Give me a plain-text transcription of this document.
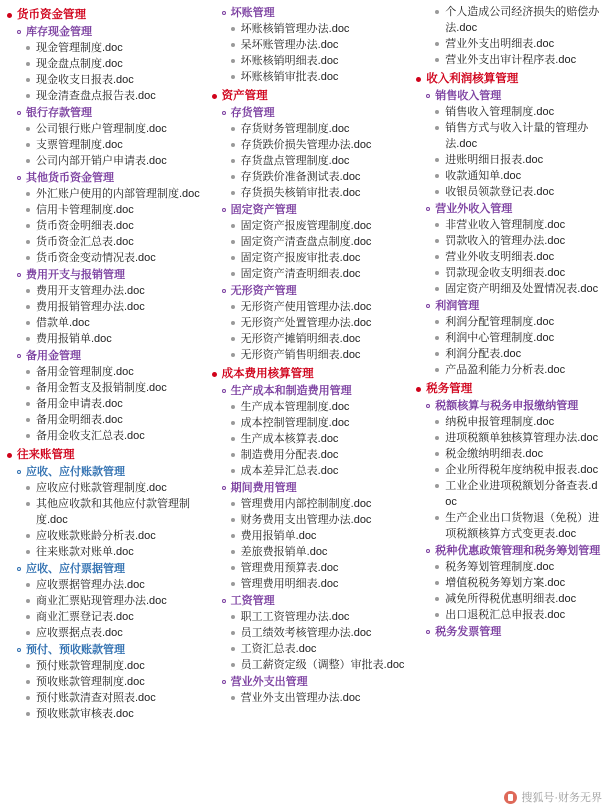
货币资金管理
库存现金管理
现金管理制度.doc
现金盘点制度.doc
现金收支日报表.doc
现金清查盘点报告表.doc
银行存款管理
公司银行账户管理制度.doc
支票管理制度.doc
公司内部开销户申请表.doc
其他货币资金管理
外汇账户使用的内部管理制度.doc
信用卡管理制度.doc
货币资金明细表.doc
货币资金汇总表.doc
货币资金变动情况表.doc
费用开支与报销管理
费用开支管理办法.doc
费用报销管理办法.doc
借款单.doc
费用报销单.doc
备用金管理
备用金管理制度.doc
备用金暂支及报销制度.doc
备用金申请表.doc
备用金明细表.doc
备用金收支汇总表.doc
往来账管理
应收、应付账款管理
应收应付账款管理制度.doc
其他应收款和其他应付款管理制度.doc
应收账款账龄分析表.doc
往来账款对账单.doc
应收、应付票据管理
应收票据管理办法.doc
商业汇票贴现管理办法.doc
商业汇票登记表.doc
应收票据点表.doc
预付、预收账款管理
预付账款管理制度.doc
预收账款管理制度.doc
预付账款清查对照表.doc
预收账款审核表.doc
坏账管理
坏账核销管理办法.doc
呆坏账管理办法.doc
坏账核销明细表.doc
坏账核销审批表.doc
资产管理
存货管理
存货财务管理制度.doc
存货跌价损失管理办法.doc
存货盘点管理制度.doc
存货跌价准备测试表.doc
存货损失核销审批表.doc
固定资产管理
固定资产报废管理制度.doc
固定资产清查盘点制度.doc
固定资产报废审批表.doc
固定资产清查明细表.doc
无形资产管理
无形资产使用管理办法.doc
无形资产处置管理办法.doc
无形资产摊销明细表.doc
无形资产销售明细表.doc
成本费用核算管理
生产成本和制造费用管理
生产成本管理制度.doc
成本控制管理制度.doc
生产成本核算表.doc
制造费用分配表.doc
成本差异汇总表.doc
期间费用管理
管理费用内部控制制度.doc
财务费用支出管理办法.doc
费用报销单.doc
差旅费报销单.doc
管理费用预算表.doc
管理费用明细表.doc
工资管理
职工工资管理办法.doc
员工绩效考核管理办法.doc
工资汇总表.doc
员工薪资定级（调整）审批表.doc
营业外支出管理
营业外支出管理办法.doc
个人造成公司经济损失的赔偿办法.doc
营业外支出明细表.doc
营业外支出审计程序表.doc
收入利润核算管理
销售收入管理
销售收入管理制度.doc
销售方式与收入计量的管理办法.doc
进账明细日报表.doc
收款通知单.doc
收银员领款登记表.doc
营业外收入管理
非营业收入管理制度.doc
罚款收入的管理办法.doc
营业外收支明细表.doc
罚款现金收支明细表.doc
固定资产明细及处置情况表.doc
利润管理
利润分配管理制度.doc
利润中心管理制度.doc
利润分配表.doc
产品盈利能力分析表.doc
税务管理
税额核算与税务申报缴纳管理
纳税申报管理制度.doc
进项税额单独核算管理办法.doc
税金缴纳明细表.doc
企业所得税年度纳税申报表.doc
工业企业进项税额划分备查表.doc
生产企业出口货物退（免税）进项税额核算方式变更表.doc
税种优惠政策管理和税务筹划管理
税务筹划管理制度.doc
增值税税务筹划方案.doc
减免所得税优惠明细表.doc
出口退税汇总申报表.doc
税务发票管理
搜狐号·财务无界
